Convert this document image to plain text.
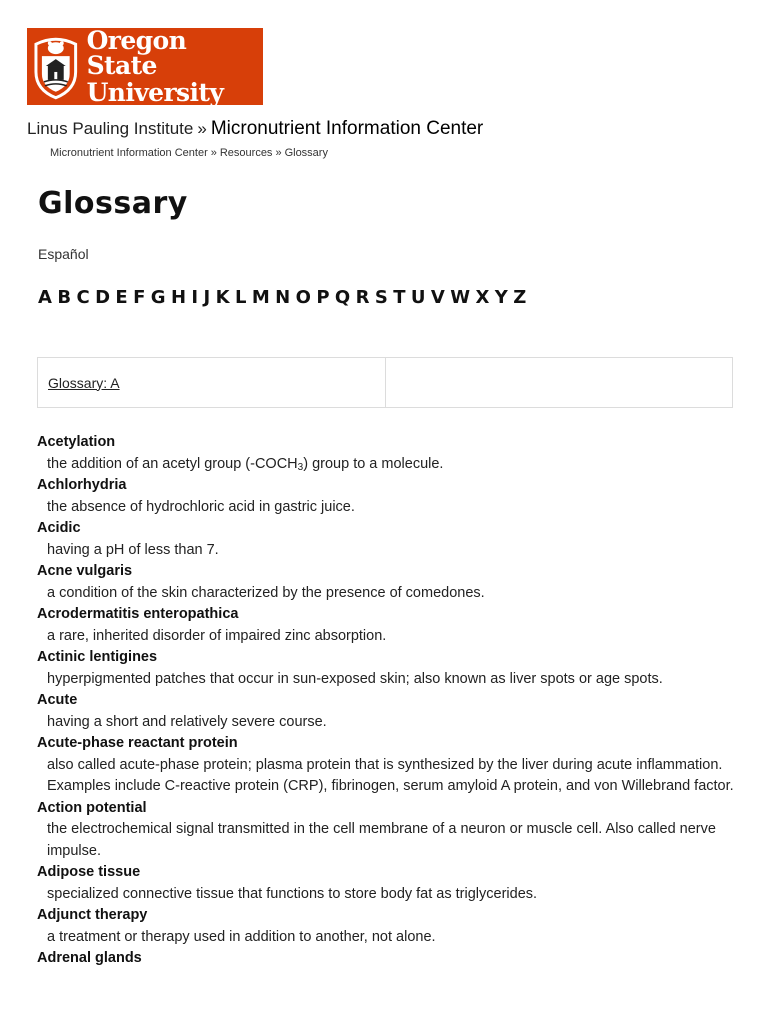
Oregon State
University
Linus Pauling Institute » Micronutrient Information Center
Micronutrient Information Center » Resources » Glossary
Glossary
Español
A B C D E F G H I J K L M N O P Q R S T U V W X Y Z
Glossary: A
Acetylation
the addition of an acetyl group $(-COCH_3)$ group to a molecule.
Achlorhydria
the absence of hydrochloric acid in gastric juice.
Acidic
having a pH of less than 7.
Acne vulgaris
a condition of the skin characterized by the presence of comedones.
Acrodermatitis enteropathica
a rare, inherited disorder of impaired zinc absorption.
Actinic lentigines
hyperpigmented patches that occur in sun-exposed skin; also known as liver spots or age spots.
Acute
having a short and relatively severe course.
Acute-phase reactant protein
also called acute-phase protein; plasma protein that is synthesized by the liver during acute inflammation. Examples include C-reactive protein (CRP), fibrinogen, serum amyloid A protein, and von Willebrand factor.
Action potential
the electrochemical signal transmitted in the cell membrane of a neuron or muscle cell. Also called nerve impulse.
Adipose tissue
specialized connective tissue that functions to store body fat as triglycerides.
Adjunct therapy
a treatment or therapy used in addition to another, not alone.
Adrenal glands
